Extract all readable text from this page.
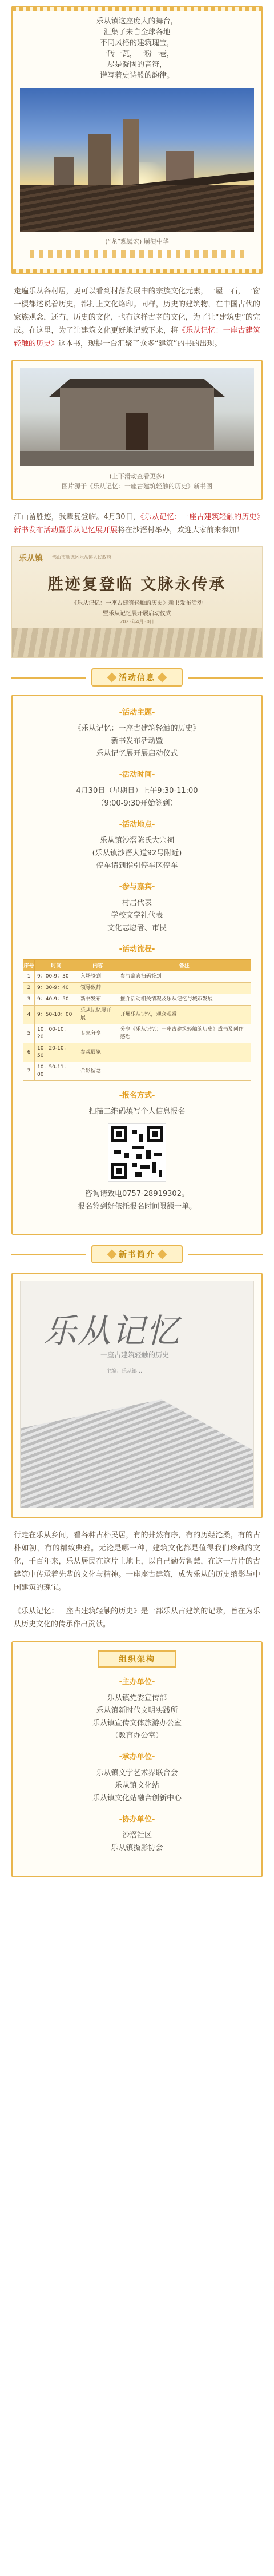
乐从镇这座庞大的舞台，

汇集了来自全球各地

不同风格的建筑瑰宝，

一砖一瓦，一粉一巷，

尽是凝固的音符，

谱写着史诗般的韵律。

(“龙”观巍宏) 崩溃中华
走遍乐从各村居，更可以看到村落发展中的宗族文化元素，一屋一石，一窗一棂都述说着历史，都打上文化烙印。同样，历史的建筑物，在中国古代的家族观念，还有，历史的文化，也有这样古老的文化，为了让“建筑史”的完成。在这里，为了让建筑文化更好地记载下来，将《乐从记忆：一座古建筑轻触的历史》这本书，现提一台汇聚了众多“建筑”的书的出现。
(上下滑动查看更多)
图片源于《乐从记忆：一座古建筑轻触的历史》新书图
江山留胜迹，我辈复登临。4月30日，《乐从记忆：一座古建筑轻触的历史》新书发布活动暨乐从记忆展开展将在沙滘村举办，欢迎大家前来参加！
乐从镇 佛山市顺德区乐从镇人民政府
胜迹复登临 文脉永传承
《乐从记忆：一座古建筑轻触的历史》新书发布活动
暨乐从记忆展开展启动仪式
2023年4月30日
活动信息
-活动主题-
《乐从记忆：一座古建筑轻触的历史》
新书发布活动暨
乐从记忆展开展启动仪式
-活动时间-
4月30日（星期日）上午9:30-11:00
（9:00-9:30开始签到）
-活动地点-
乐从镇沙滘陈氏大宗祠
(乐从镇沙滘大道92号附近)
停车请到指引停车区停车
-参与嘉宾-
村居代表
学校文学社代表
文化志愿者、市民
-活动流程-
序号	时间	内容	备注
1	9：00-9：30	入场签到	参与嘉宾扫码签到
2	9：30-9：40	领导致辞	
3	9：40-9：50	新书发布	推介活动相关情况及乐从记忆与城市发展
4	9：50-10：00	乐从记忆展开展	开展乐从记忆，观众观赏
5	10：00-10：20	专家分享	分享《乐从记忆：一座古建筑轻触的历史》成书及创作感想
6	10：20-10：50	参观展览	
7	10：50-11：00	合影留念	
-报名方式-
扫描二维码填写个人信息报名
咨询请致电0757-28919302。
报名签到好依托报名时间限额一单。
新书简介
乐从记忆
一座古建筑轻触的历史
主编：乐从镇…
行走在乐从乡间，看各种古朴民居，有的井然有序，有的历经沧桑，有的古朴如初，有的精致典雅。无论是哪一种，建筑文化都是值得我们珍藏的文化，千百年来，乐从居民在这片土地上，以自己勤劳智慧，在这一片片的古建筑中传承着先辈的文化与精神。一座座古建筑，成为乐从的历史缩影与中国建筑的瑰宝。
《乐从记忆：一座古建筑轻触的历史》是一部乐从古建筑的记录，旨在为乐从历史文化的传承作出贡献。
组织架构
-主办单位-
乐从镇党委宣传部
乐从镇新时代文明实践所
乐从镇宣传文体旅游办公室
（教育办公室）
-承办单位-
乐从镇文学艺术界联合会
乐从镇文化站
乐从镇文化站融合创新中心
-协办单位-
沙滘社区
乐从镇摄影协会
